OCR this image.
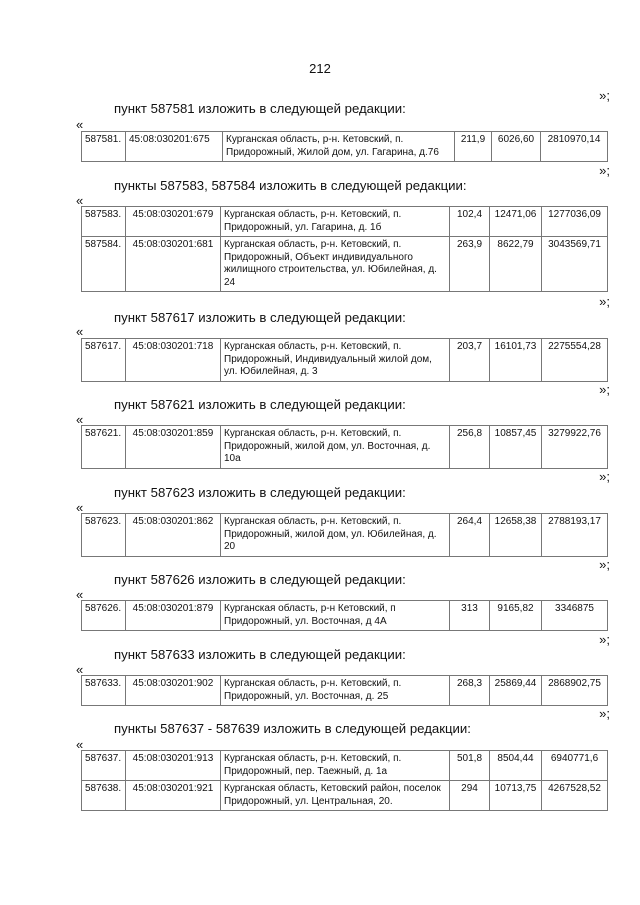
212
»;
пункт 587581 изложить в следующей редакции:
«
587581.	45:08:030201:675	Курганская область, р-н. Кетовский, п. Придорожный, Жилой дом, ул. Гагарина, д.76	211,9	6026,60	2810970,14
»;
пункты 587583, 587584 изложить в следующей редакции:
«
587583.	45:08:030201:679	Курганская область, р-н. Кетовский, п. Придорожный, ул. Гагарина, д. 1б	102,4	12471,06	1277036,09
587584.	45:08:030201:681	Курганская область, р-н. Кетовский, п. Придорожный, Объект индивидуального жилищного строительства, ул. Юбилейная, д. 24	263,9	8622,79	3043569,71
»;
пункт 587617 изложить в следующей редакции:
«
587617.	45:08:030201:718	Курганская область, р-н. Кетовский, п. Придорожный, Индивидуальный жилой дом, ул. Юбилейная, д. 3	203,7	16101,73	2275554,28
»;
пункт 587621 изложить в следующей редакции:
«
587621.	45:08:030201:859	Курганская область, р-н. Кетовский, п. Придорожный, жилой дом, ул. Восточная, д. 10а	256,8	10857,45	3279922,76
»;
пункт 587623 изложить в следующей редакции:
«
587623.	45:08:030201:862	Курганская область, р-н. Кетовский, п. Придорожный, жилой дом, ул. Юбилейная, д. 20	264,4	12658,38	2788193,17
»;
пункт 587626 изложить в следующей редакции:
«
587626.	45:08:030201:879	Курганская область, р-н Кетовский, п Придорожный, ул. Восточная, д 4А	313	9165,82	3346875
»;
пункт 587633 изложить в следующей редакции:
«
587633.	45:08:030201:902	Курганская область, р-н. Кетовский, п. Придорожный, ул. Восточная, д. 25	268,3	25869,44	2868902,75
»;
пункты 587637 - 587639 изложить в следующей редакции:
«
587637.	45:08:030201:913	Курганская область, р-н. Кетовский, п. Придорожный, пер. Таежный, д. 1а	501,8	8504,44	6940771,6
587638.	45:08:030201:921	Курганская область, Кетовский район, поселок Придорожный, ул. Центральная, 20.	294	10713,75	4267528,52
